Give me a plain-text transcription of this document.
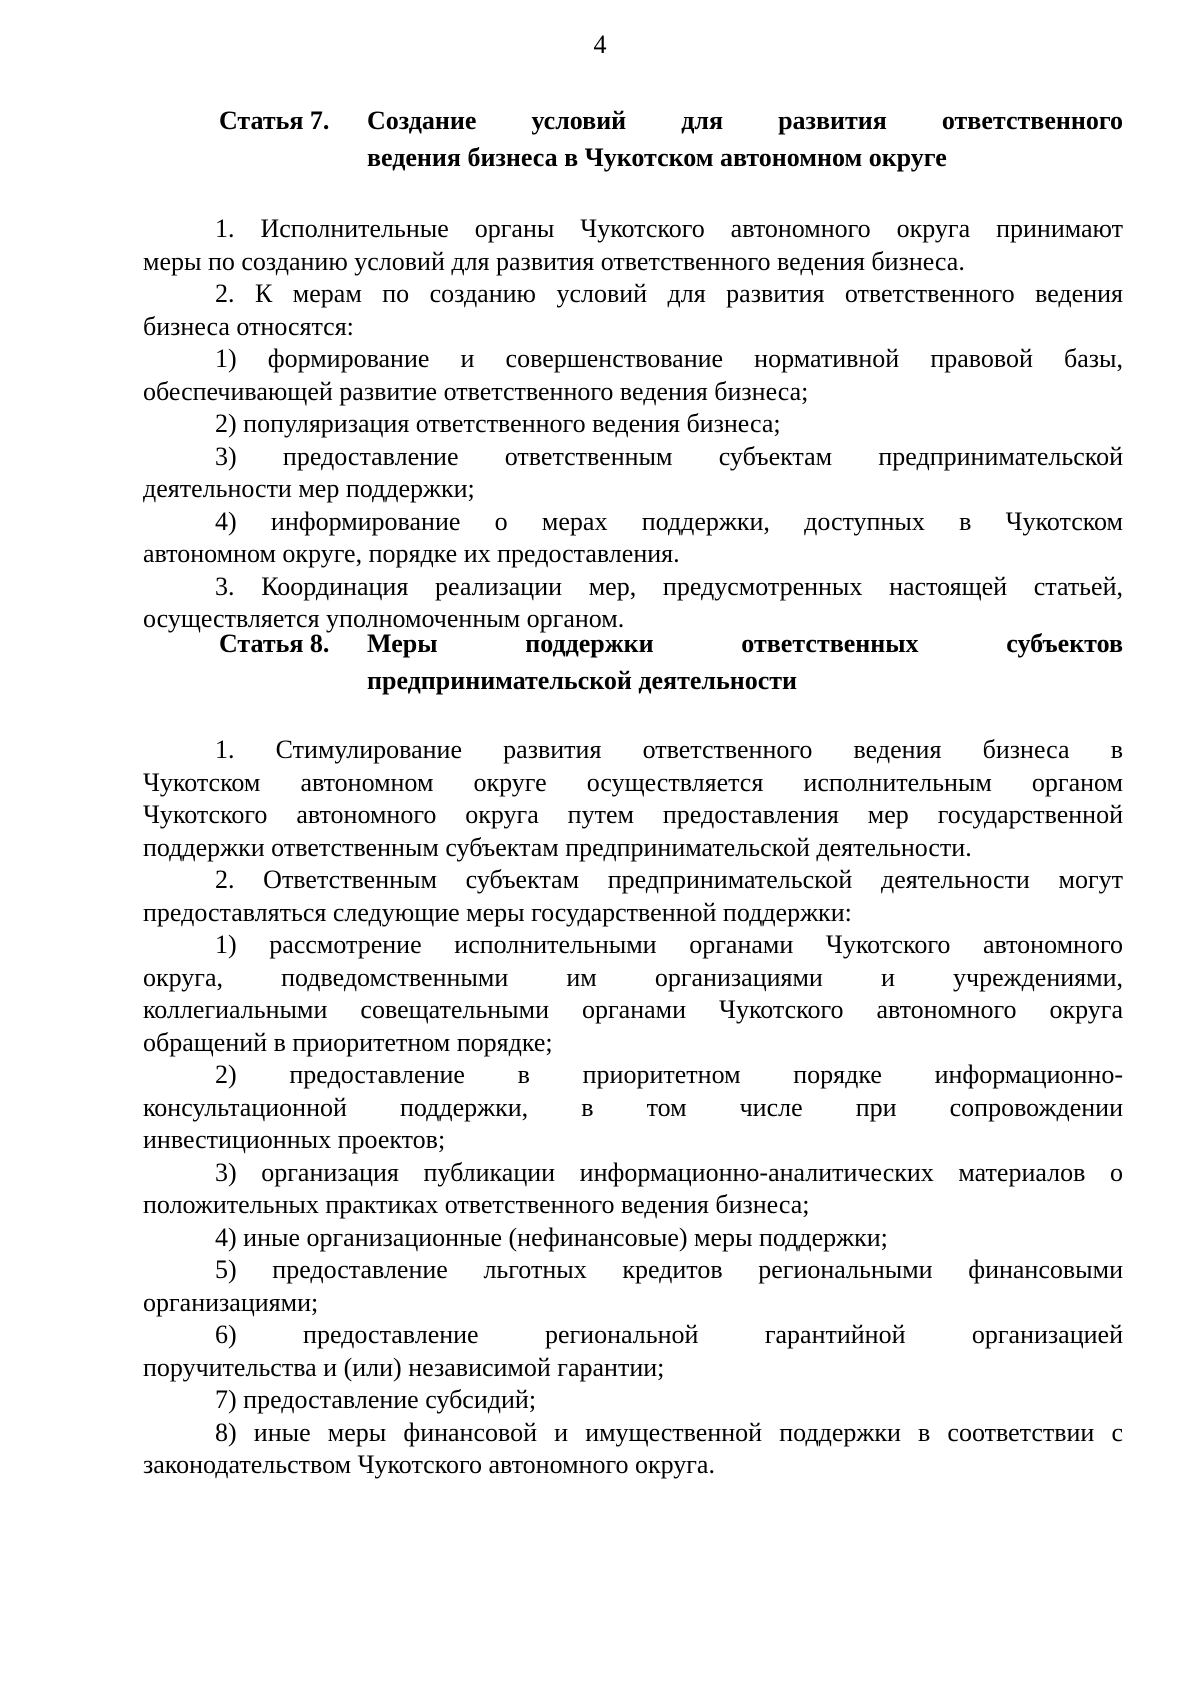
4
Статья 7. Создание условий для развития ответственного
ведения бизнеса в Чукотском автономном округе
1. Исполнительные органы Чукотского автономного округа принимают
меры по созданию условий для развития ответственного ведения бизнеса.
2. К мерам по созданию условий для развития ответственного ведения
бизнеса относятся:
1) формирование и совершенствование нормативной правовой базы,
обеспечивающей развитие ответственного ведения бизнеса;
2) популяризация ответственного ведения бизнеса;
3) предоставление ответственным субъектам предпринимательской
деятельности мер поддержки;
4) информирование о мерах поддержки, доступных в Чукотском
автономном округе, порядке их предоставления.
3. Координация реализации мер, предусмотренных настоящей статьей,
осуществляется уполномоченным органом.
Статья 8. Меры поддержки ответственных субъектов
предпринимательской деятельности
1. Стимулирование развития ответственного ведения бизнеса в
Чукотском автономном округе осуществляется исполнительным органом
Чукотского автономного округа путем предоставления мер государственной
поддержки ответственным субъектам предпринимательской деятельности.
2. Ответственным субъектам предпринимательской деятельности могут
предоставляться следующие меры государственной поддержки:
1) рассмотрение исполнительными органами Чукотского автономного
округа, подведомственными им организациями и учреждениями,
коллегиальными совещательными органами Чукотского автономного округа
обращений в приоритетном порядке;
2) предоставление в приоритетном порядке информационно-
консультационной поддержки, в том числе при сопровождении
инвестиционных проектов;
3) организация публикации информационно-аналитических материалов о
положительных практиках ответственного ведения бизнеса;
4) иные организационные (нефинансовые) меры поддержки;
5) предоставление льготных кредитов региональными финансовыми
организациями;
6) предоставление региональной гарантийной организацией
поручительства и (или) независимой гарантии;
7) предоставление субсидий;
8) иные меры финансовой и имущественной поддержки в соответствии с
законодательством Чукотского автономного округа.
